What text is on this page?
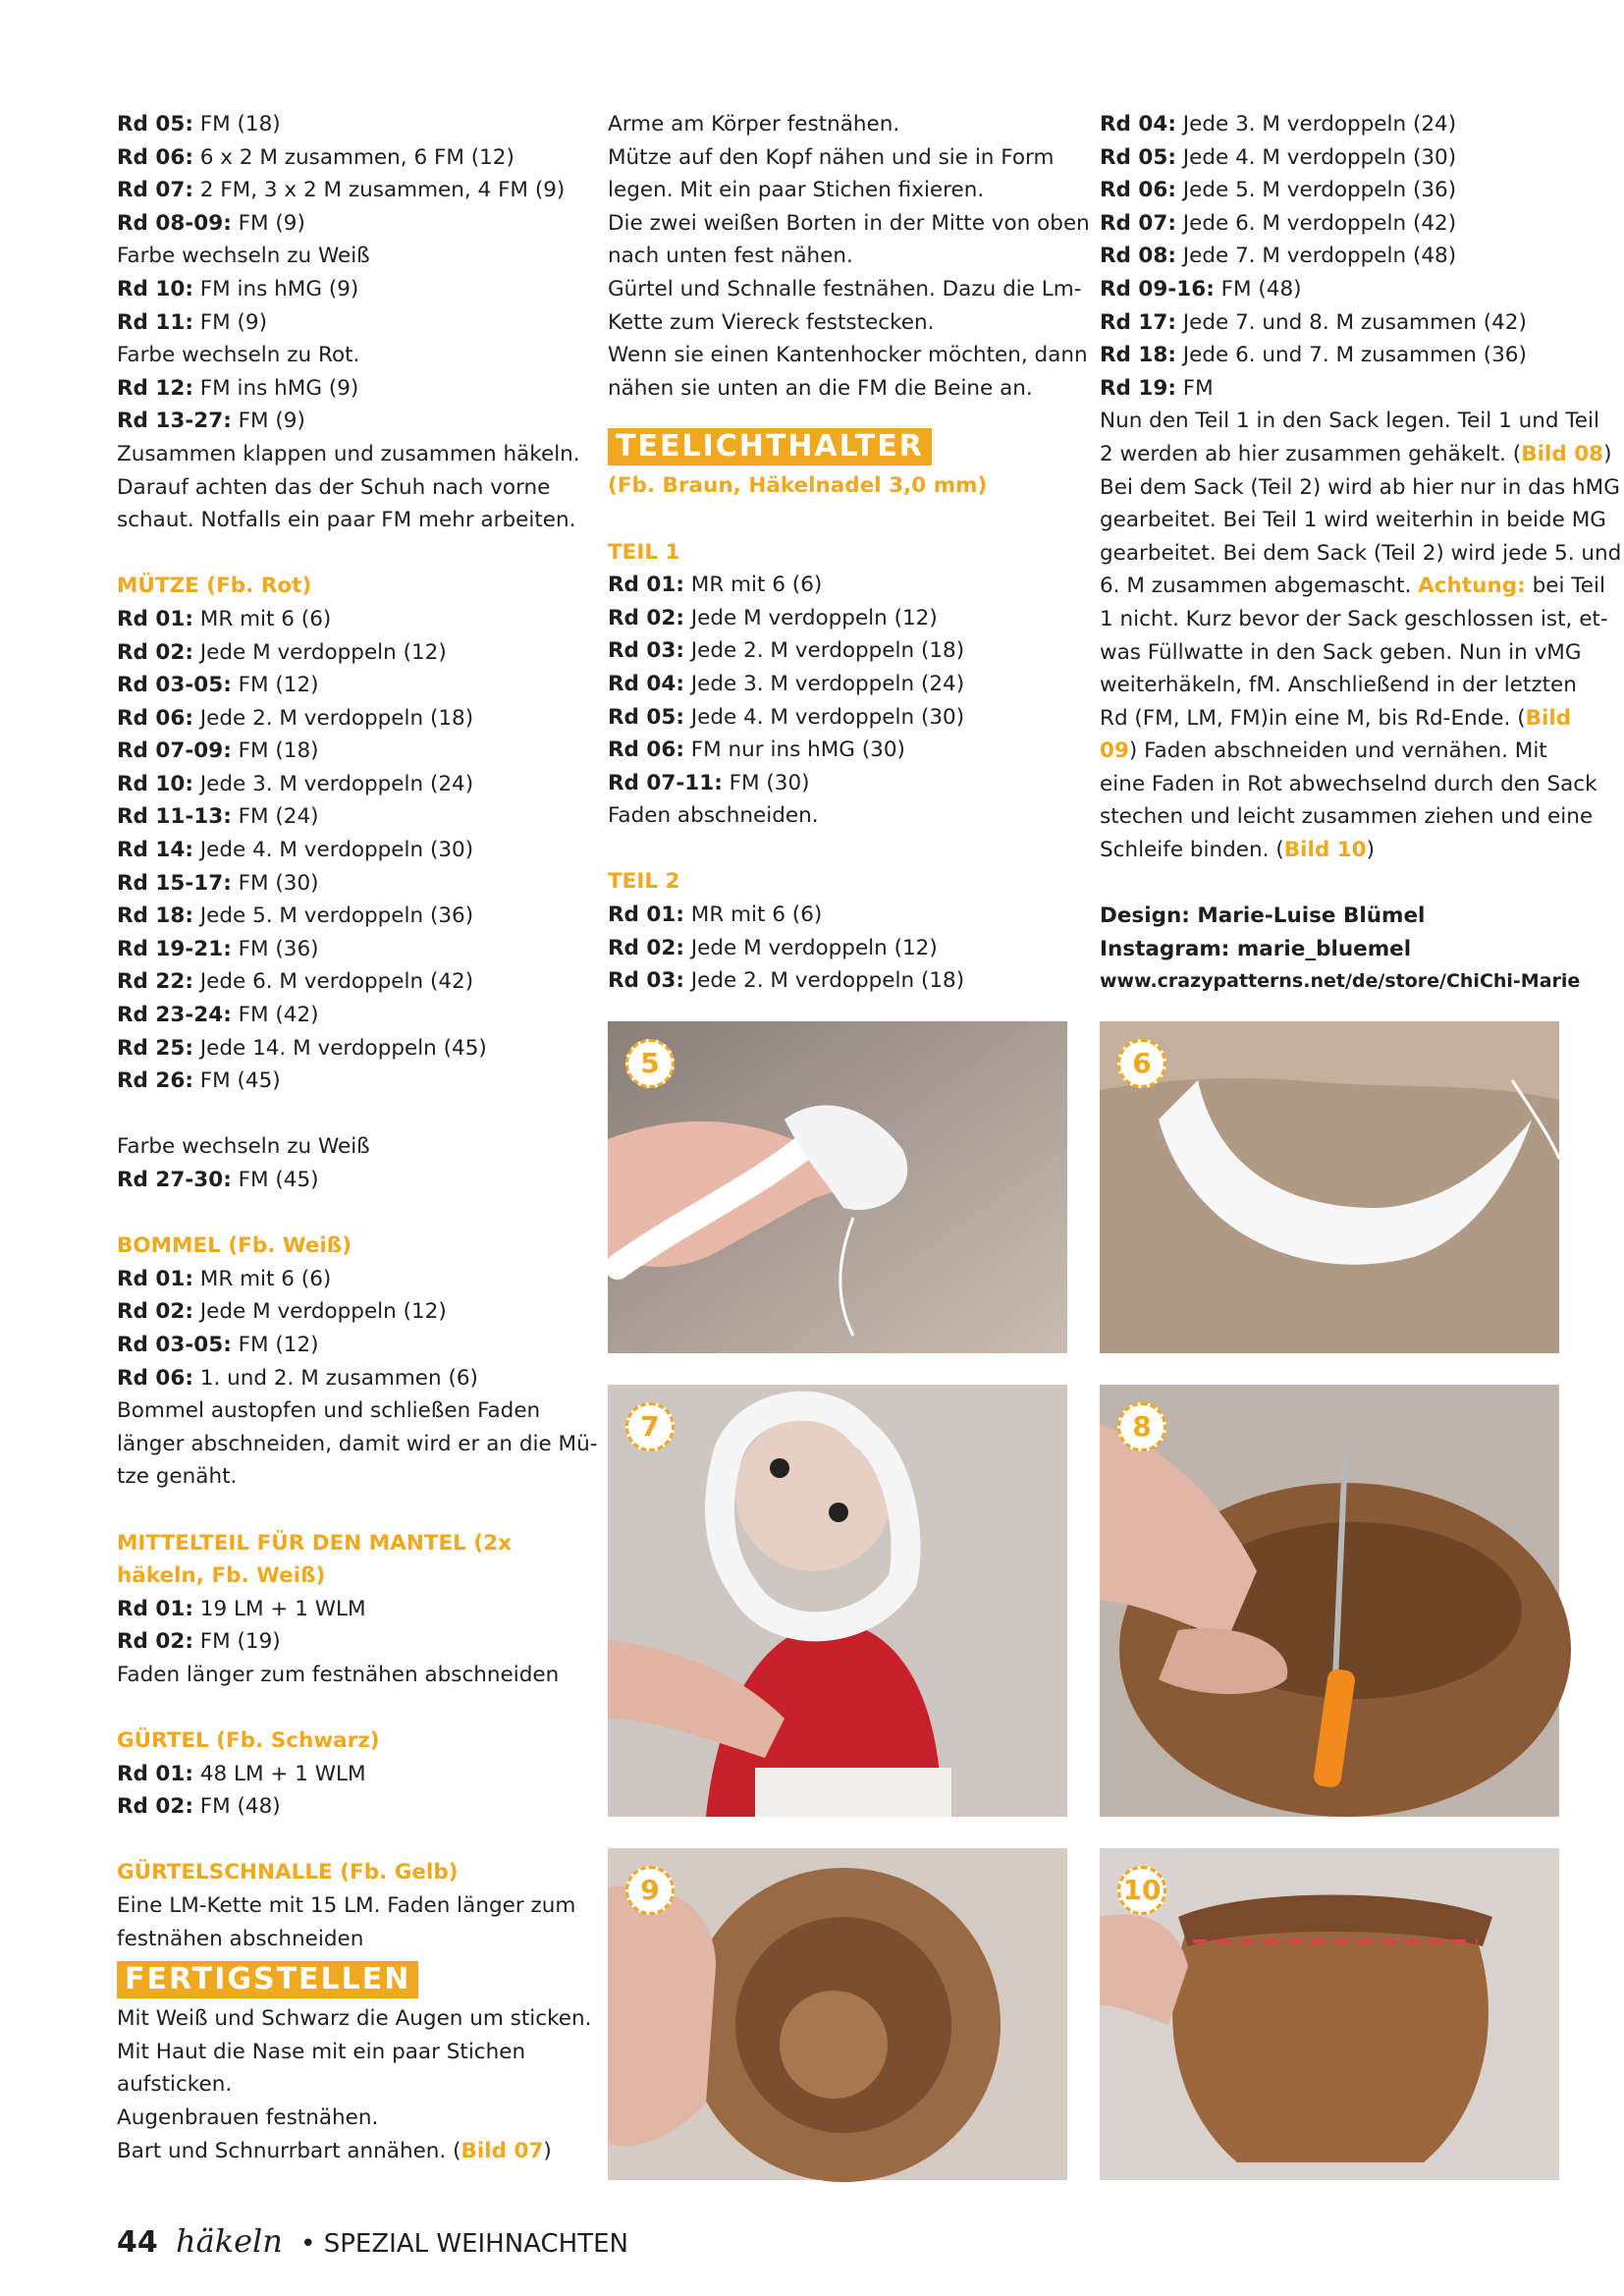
Rd 05: FM (18)
Rd 06: 6 x 2 M zusammen, 6 FM (12)
Rd 07: 2 FM, 3 x 2 M zusammen, 4 FM (9)
Rd 08-09: FM (9)
Farbe wechseln zu Weiß
Rd 10: FM ins hMG (9)
Rd 11: FM (9)
Farbe wechseln zu Rot.
Rd 12: FM ins hMG (9)
Rd 13-27: FM (9)
Zusammen klappen und zusammen häkeln.
Darauf achten das der Schuh nach vorne
schaut. Notfalls ein paar FM mehr arbeiten.
MÜTZE (Fb. Rot)
Rd 01: MR mit 6 (6)
Rd 02: Jede M verdoppeln (12)
Rd 03-05: FM (12)
Rd 06: Jede 2. M verdoppeln (18)
Rd 07-09: FM (18)
Rd 10: Jede 3. M verdoppeln (24)
Rd 11-13: FM (24)
Rd 14: Jede 4. M verdoppeln (30)
Rd 15-17: FM (30)
Rd 18: Jede 5. M verdoppeln (36)
Rd 19-21: FM (36)
Rd 22: Jede 6. M verdoppeln (42)
Rd 23-24: FM (42)
Rd 25: Jede 14. M verdoppeln (45)
Rd 26: FM (45)
Farbe wechseln zu Weiß
Rd 27-30: FM (45)
BOMMEL (Fb. Weiß)
Rd 01: MR mit 6 (6)
Rd 02: Jede M verdoppeln (12)
Rd 03-05: FM (12)
Rd 06: 1. und 2. M zusammen (6)
Bommel austopfen und schließen Faden
länger abschneiden, damit wird er an die Mü-
tze genäht.
MITTELTEIL FÜR DEN MANTEL (2x
häkeln, Fb. Weiß)
Rd 01: 19 LM + 1 WLM
Rd 02: FM (19)
Faden länger zum festnähen abschneiden
GÜRTEL (Fb. Schwarz)
Rd 01: 48 LM + 1 WLM
Rd 02: FM (48)
GÜRTELSCHNALLE (Fb. Gelb)
Eine LM-Kette mit 15 LM. Faden länger zum
festnähen abschneiden
FERTIGSTELLEN
Mit Weiß und Schwarz die Augen um sticken.
Mit Haut die Nase mit ein paar Stichen
aufsticken.
Augenbrauen festnähen.
Bart und Schnurrbart annähen. (Bild 07)
Arme am Körper festnähen.
Mütze auf den Kopf nähen und sie in Form
legen. Mit ein paar Stichen fixieren.
Die zwei weißen Borten in der Mitte von oben
nach unten fest nähen.
Gürtel und Schnalle festnähen. Dazu die Lm-
Kette zum Viereck feststecken.
Wenn sie einen Kantenhocker möchten, dann
nähen sie unten an die FM die Beine an.
TEELICHTHALTER
(Fb. Braun, Häkelnadel 3,0 mm)
TEIL 1
Rd 01: MR mit 6 (6)
Rd 02: Jede M verdoppeln (12)
Rd 03: Jede 2. M verdoppeln (18)
Rd 04: Jede 3. M verdoppeln (24)
Rd 05: Jede 4. M verdoppeln (30)
Rd 06: FM nur ins hMG (30)
Rd 07-11: FM (30)
Faden abschneiden.
TEIL 2
Rd 01: MR mit 6 (6)
Rd 02: Jede M verdoppeln (12)
Rd 03: Jede 2. M verdoppeln (18)
Rd 04: Jede 3. M verdoppeln (24)
Rd 05: Jede 4. M verdoppeln (30)
Rd 06: Jede 5. M verdoppeln (36)
Rd 07: Jede 6. M verdoppeln (42)
Rd 08: Jede 7. M verdoppeln (48)
Rd 09-16: FM (48)
Rd 17: Jede 7. und 8. M zusammen (42)
Rd 18: Jede 6. und 7. M zusammen (36)
Rd 19: FM
Nun den Teil 1 in den Sack legen. Teil 1 und Teil
2 werden ab hier zusammen gehäkelt. (Bild 08)
Bei dem Sack (Teil 2) wird ab hier nur in das hMG
gearbeitet. Bei Teil 1 wird weiterhin in beide MG
gearbeitet. Bei dem Sack (Teil 2) wird jede 5. und
6. M zusammen abgemascht. Achtung: bei Teil
1 nicht. Kurz bevor der Sack geschlossen ist, et-
was Füllwatte in den Sack geben. Nun in vMG
weiterhäkeln, fM. Anschließend in der letzten
Rd (FM, LM, FM)in eine M, bis Rd-Ende. (Bild
09) Faden abschneiden und vernähen. Mit
eine Faden in Rot abwechselnd durch den Sack
stechen und leicht zusammen ziehen und eine
Schleife binden. (Bild 10)
Design: Marie-Luise Blümel
Instagram: marie_bluemel
www.crazypatterns.net/de/store/ChiChi-Marie
5	6
7	8
9	10
44 häkeln • SPEZIAL WEIHNACHTEN
